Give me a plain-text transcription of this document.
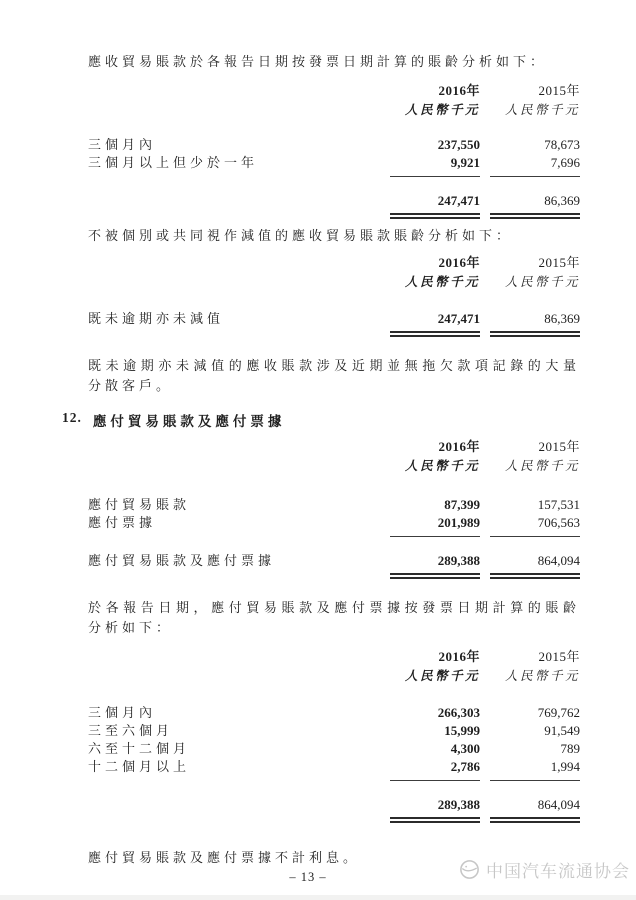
應收貿易賬款於各報告日期按發票日期計算的賬齡分析如下：

2016年	2015年
人民幣千元	人民幣千元
三個月內	237,550	78,673
三個月以上但少於一年	9,921	7,696
247,471	86,369

不被個別或共同視作減值的應收貿易賬款賬齡分析如下：

2016年	2015年
人民幣千元	人民幣千元
既未逾期亦未減值	247,471	86,369

既未逾期亦未減值的應收賬款涉及近期並無拖欠款項記錄的大量分散客戶。

12. 應付貿易賬款及應付票據
2016年	2015年
人民幣千元	人民幣千元
應付貿易賬款	87,399	157,531
應付票據	201,989	706,563
應付貿易賬款及應付票據	289,388	864,094

於各報告日期，應付貿易賬款及應付票據按發票日期計算的賬齡分析如下：

2016年	2015年
人民幣千元	人民幣千元
三個月內	266,303	769,762
三至六個月	15,999	91,549
六至十二個月	4,300	789
十二個月以上	2,786	1,994
289,388	864,094

應付貿易賬款及應付票據不計利息。

– 13 –	中国汽车流通协会
